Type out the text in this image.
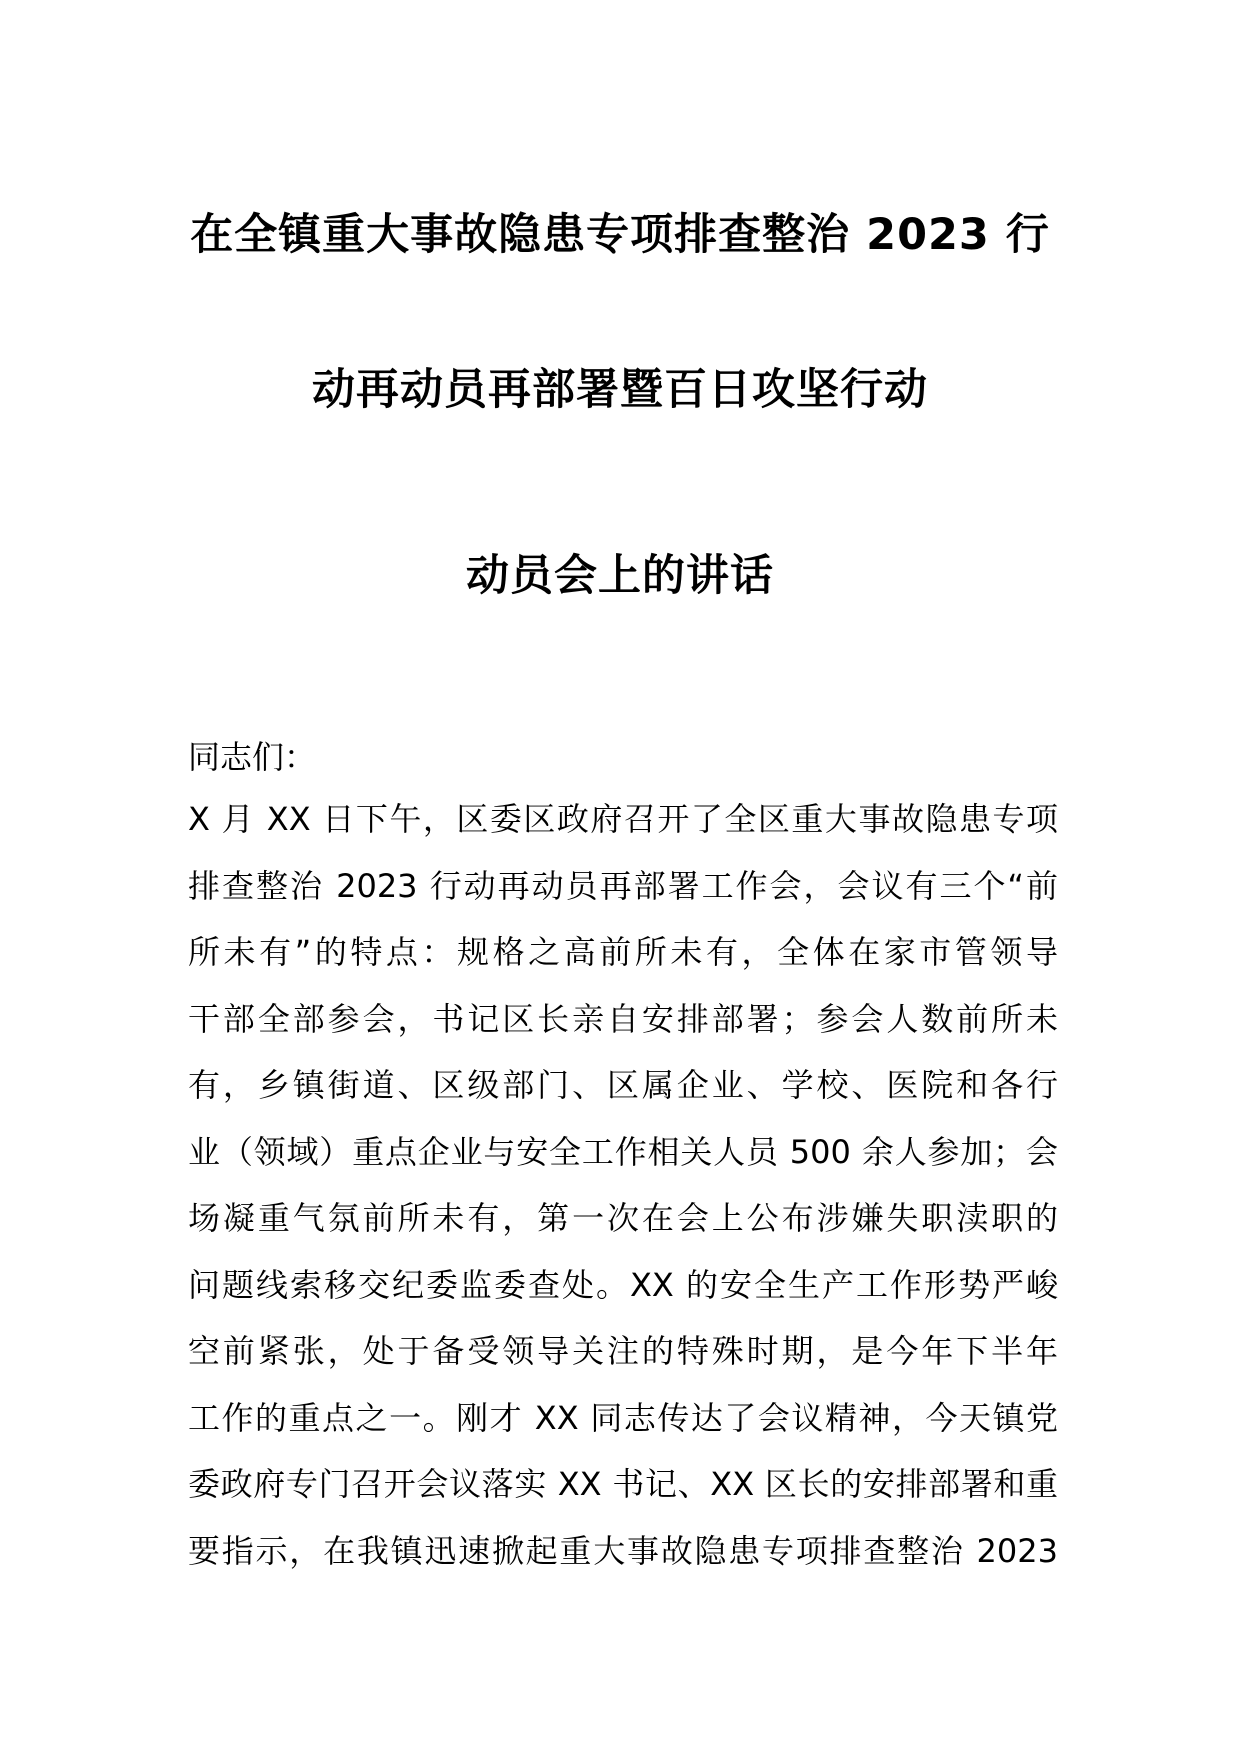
在全镇重大事故隐患专项排查整治 2023 行
动再动员再部署暨百日攻坚行动
动员会上的讲话
同志们：
X 月 XX 日下午，区委区政府召开了全区重大事故隐患专项
排查整治 2023 行动再动员再部署工作会，会议有三个“前
所未有”的特点：规格之高前所未有，全体在家市管领导
干部全部参会，书记区长亲自安排部署；参会人数前所未
有，乡镇街道、区级部门、区属企业、学校、医院和各行
业（领域）重点企业与安全工作相关人员 500 余人参加；会
场凝重气氛前所未有，第一次在会上公布涉嫌失职渎职的
问题线索移交纪委监委查处。XX 的安全生产工作形势严峻
空前紧张，处于备受领导关注的特殊时期，是今年下半年
工作的重点之一。刚才 XX 同志传达了会议精神，今天镇党
委政府专门召开会议落实 XX 书记、XX 区长的安排部署和重
要指示，在我镇迅速掀起重大事故隐患专项排查整治 2023
